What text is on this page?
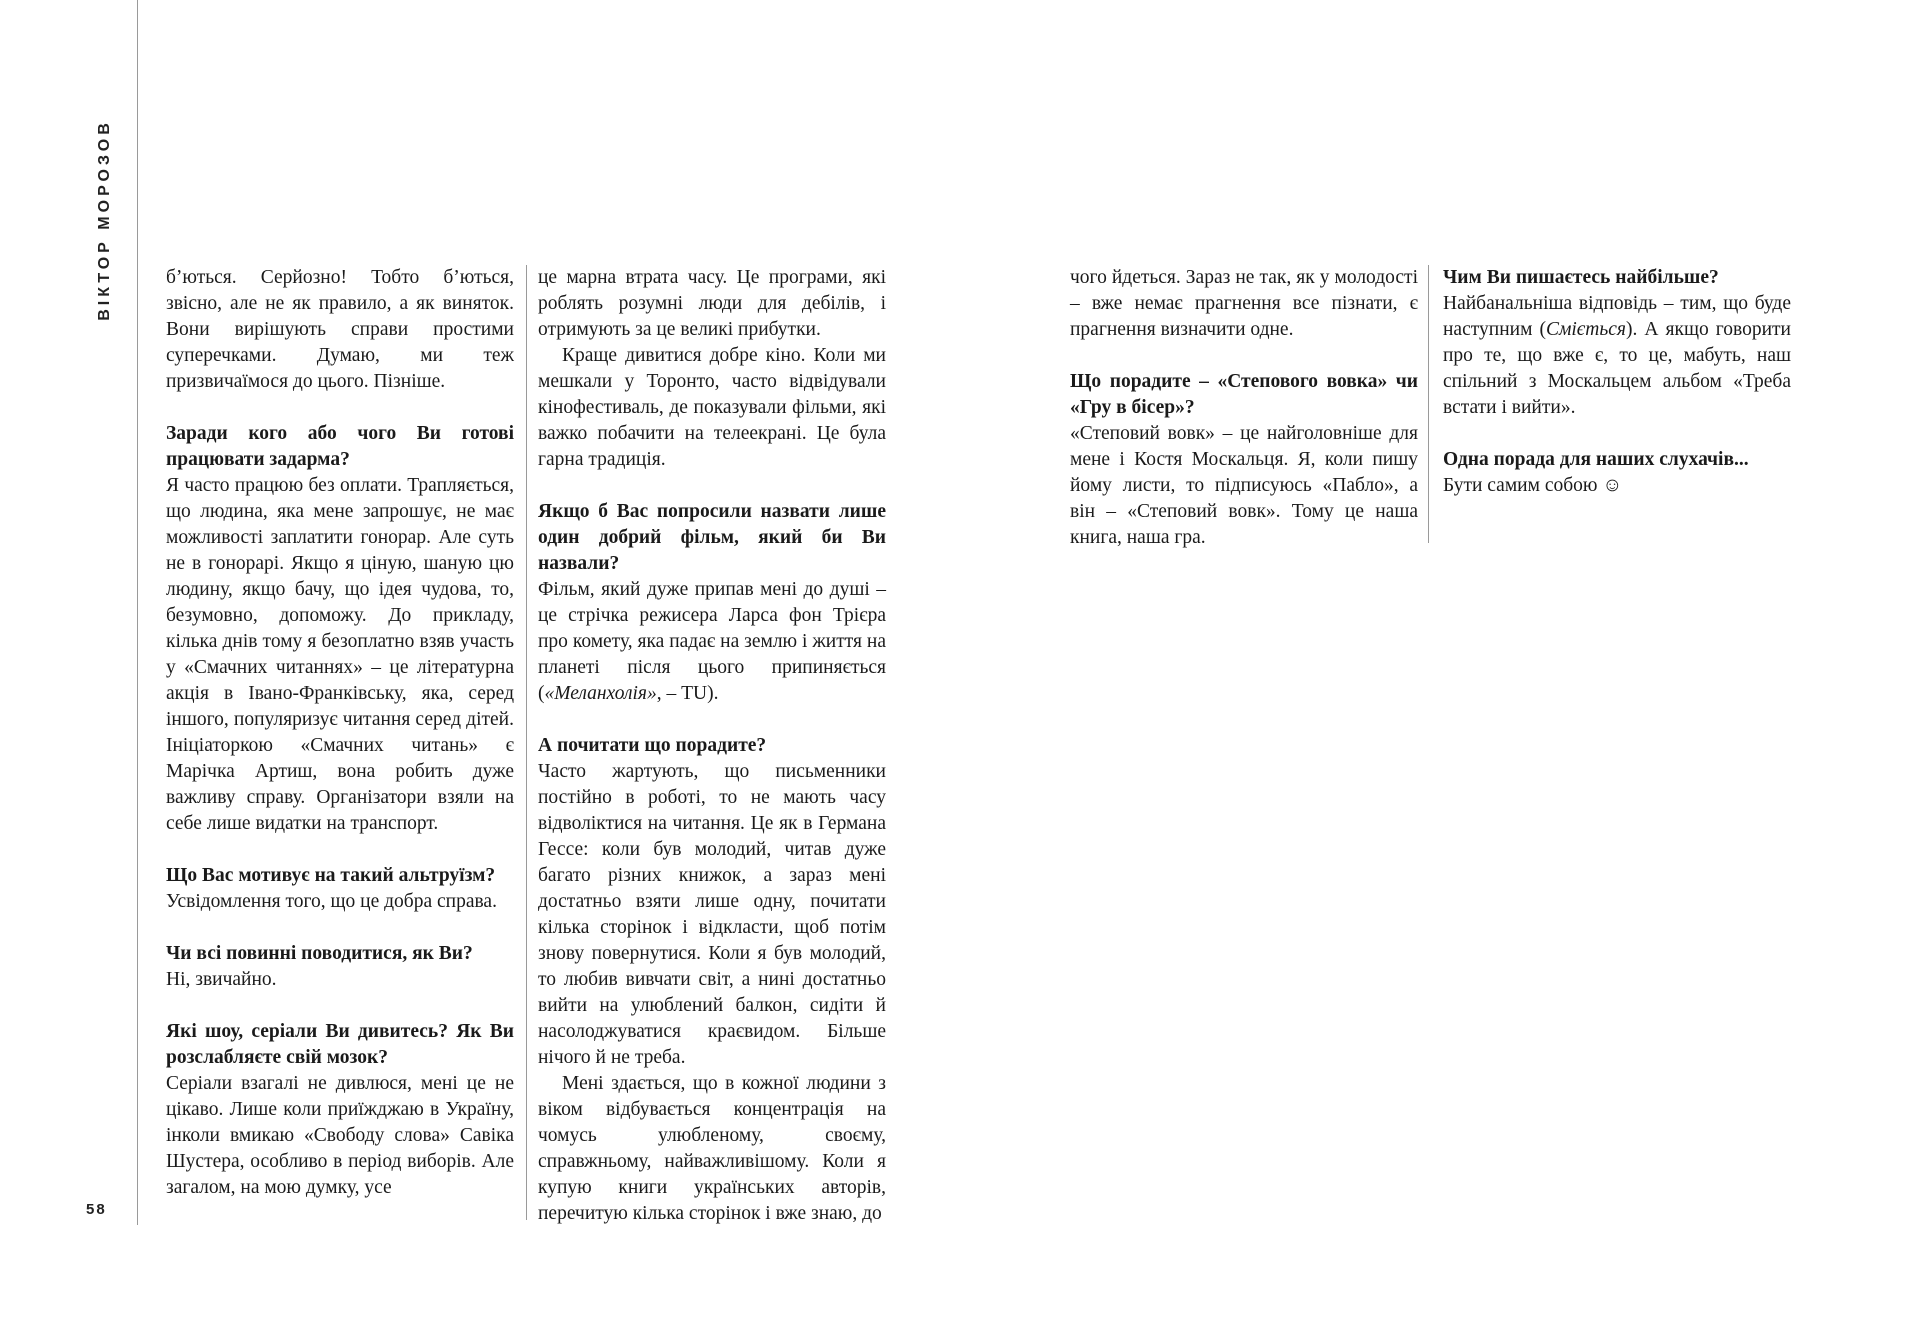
ВІКТОР МОРОЗОВ
58

б’ються. Серйозно! Тобто б’ються, звісно, але не як правило, а як виняток. Вони вирішують справи простими суперечками. Думаю, ми теж призвичаїмося до цього. Пізніше.

Заради кого або чого Ви готові працювати задарма?

Я часто працюю без оплати. Трапляється, що людина, яка мене запрошує, не має можливості заплатити гонорар. Але суть не в гонорарі. Якщо я ціную, шаную цю людину, якщо бачу, що ідея чудова, то, безумовно, допоможу. До прикладу, кілька днів тому я безоплатно взяв участь у «Смачних читаннях» – це літературна акція в Івано-Франківську, яка, серед іншого, популяризує читання серед дітей. Ініціаторкою «Смачних читань» є Марічка Артиш, вона робить дуже важливу справу. Організатори взяли на себе лише видатки на транспорт.

Що Вас мотивує на такий альтруїзм?

Усвідомлення того, що це добра справа.

Чи всі повинні поводитися, як Ви?

Ні, звичайно.

Які шоу, серіали Ви дивитесь? Як Ви розслабляєте свій мозок?

Серіали взагалі не дивлюся, мені це не цікаво. Лише коли приїжджаю в Україну, інколи вмикаю «Свободу слова» Савіка Шустера, особливо в період виборів. Але загалом, на мою думку, усе

це марна втрата часу. Це програми, які роблять розумні люди для дебілів, і отримують за це великі прибутки.

Краще дивитися добре кіно. Коли ми мешкали у Торонто, часто відвідували кінофестиваль, де показували фільми, які важко побачити на телеекрані. Це була гарна традиція.

Якщо б Вас попросили назвати лише один добрий фільм, який би Ви назвали?

Фільм, який дуже припав мені до душі – це стрічка режисера Ларса фон Трієра про комету, яка падає на землю і життя на планеті після цього припиняється («Меланхолія», – TU).

А почитати що порадите?

Часто жартують, що письменники постійно в роботі, то не мають часу відволіктися на читання. Це як в Германа Гессе: коли був молодий, читав дуже багато різних книжок, а зараз мені достатньо взяти лише одну, почитати кілька сторінок і відкласти, щоб потім знову повернутися. Коли я був молодий, то любив вивчати світ, а нині достатньо вийти на улюблений балкон, сидіти й насолоджуватися краєвидом. Більше нічого й не треба.

Мені здається, що в кожної людини з віком відбувається концентрація на чомусь улюбленому, своєму, справжньому, найважливішому. Коли я купую книги українських авторів, перечитую кілька сторінок і вже знаю, до

чого йдеться. Зараз не так, як у молодості – вже немає прагнення все пізнати, є прагнення визначити одне.

Що порадите – «Степового вовка» чи «Гру в бісер»?

«Степовий вовк» – це найголовніше для мене і Костя Москальця. Я, коли пишу йому листи, то підписуюсь «Пабло», а він – «Степовий вовк». Тому це наша книга, наша гра.

Чим Ви пишаєтесь найбільше?

Найбанальніша відповідь – тим, що буде наступним (Сміється). А якщо говорити про те, що вже є, то це, мабуть, наш спільний з Москальцем альбом «Треба встати і вийти».

Одна порада для наших слухачів...

Бути самим собою ☺
